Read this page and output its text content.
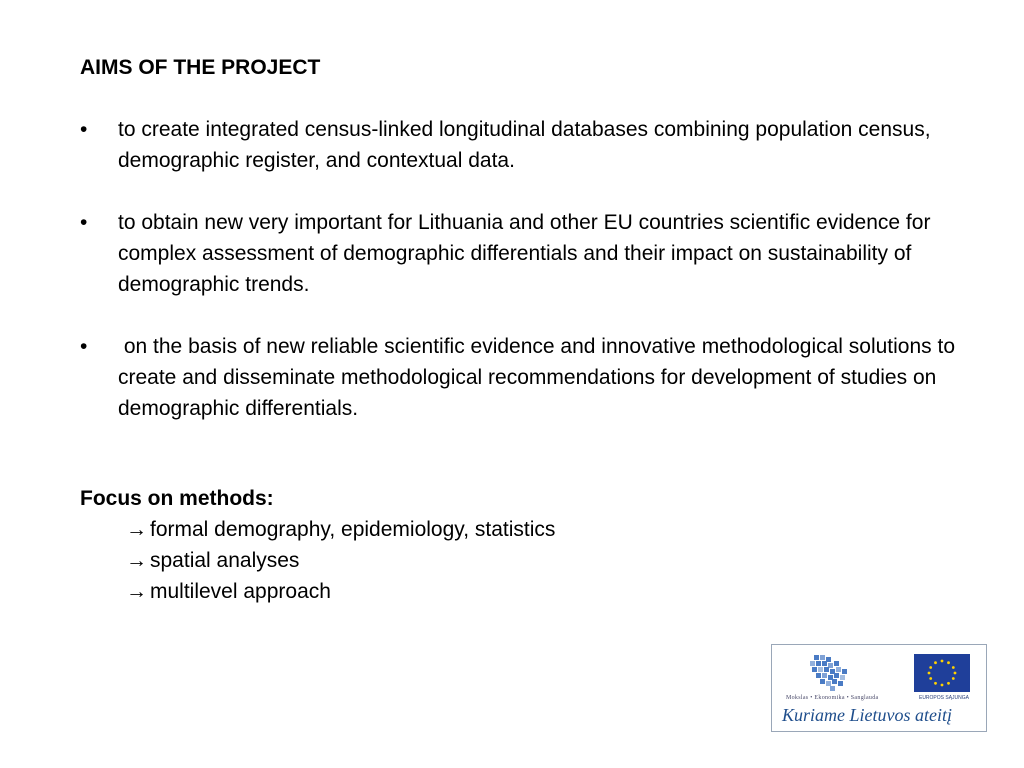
AIMS OF THE PROJECT
• to create integrated census-linked longitudinal databases combining population census, demographic register, and contextual data.
• to obtain new very important for Lithuania and other EU countries scientific evidence for complex assessment of demographic differentials and their impact on sustainability of demographic trends.
• on the basis of new reliable scientific evidence and innovative methodological solutions to create and disseminate methodological recommendations for development of studies on demographic differentials.
Focus on methods:
→ formal demography, epidemiology, statistics
→ spatial analyses
→ multilevel approach
Mokslas • Ekonomika • Sanglauda	EUROPOS SĄJUNGA
Kuriame Lietuvos ateitį
